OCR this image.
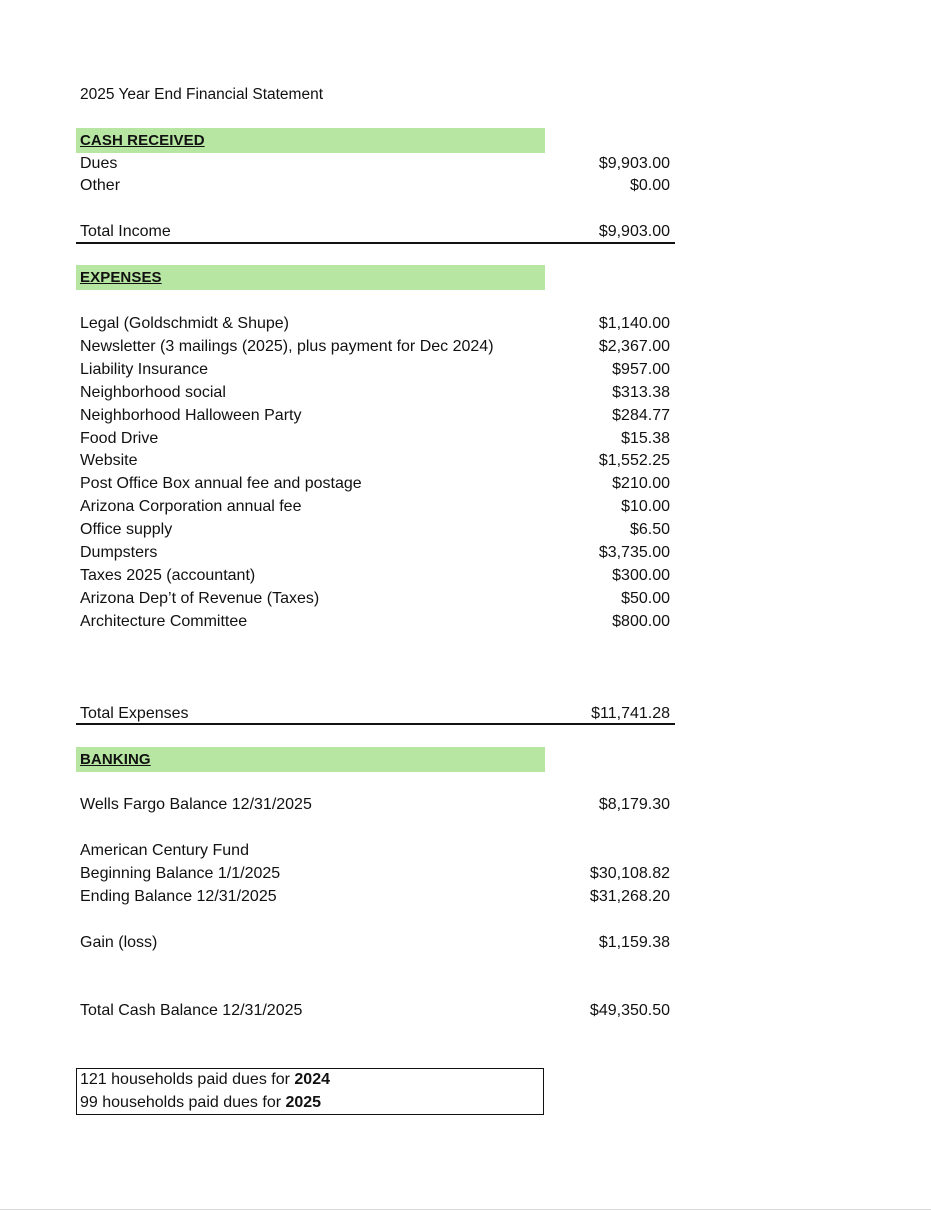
2025 Year End Financial Statement
CASH RECEIVED
Dues	$9,903.00
Other	$0.00
Total Income	$9,903.00
EXPENSES
Legal (Goldschmidt & Shupe)	$1,140.00
Newsletter (3 mailings (2025), plus payment for Dec 2024)	$2,367.00
Liability Insurance	$957.00
Neighborhood social	$313.38
Neighborhood Halloween Party	$284.77
Food Drive	$15.38
Website	$1,552.25
Post Office Box annual fee and postage	$210.00
Arizona Corporation annual fee	$10.00
Office supply	$6.50
Dumpsters	$3,735.00
Taxes 2025 (accountant)	$300.00
Arizona Dep’t of Revenue (Taxes)	$50.00
Architecture Committee	$800.00
Total Expenses	$11,741.28
BANKING
Wells Fargo Balance 12/31/2025	$8,179.30
American Century Fund
Beginning Balance 1/1/2025	$30,108.82
Ending Balance 12/31/2025	$31,268.20
Gain (loss)	$1,159.38
Total Cash Balance 12/31/2025	$49,350.50
121 households paid dues for 2024
99 households paid dues for 2025
